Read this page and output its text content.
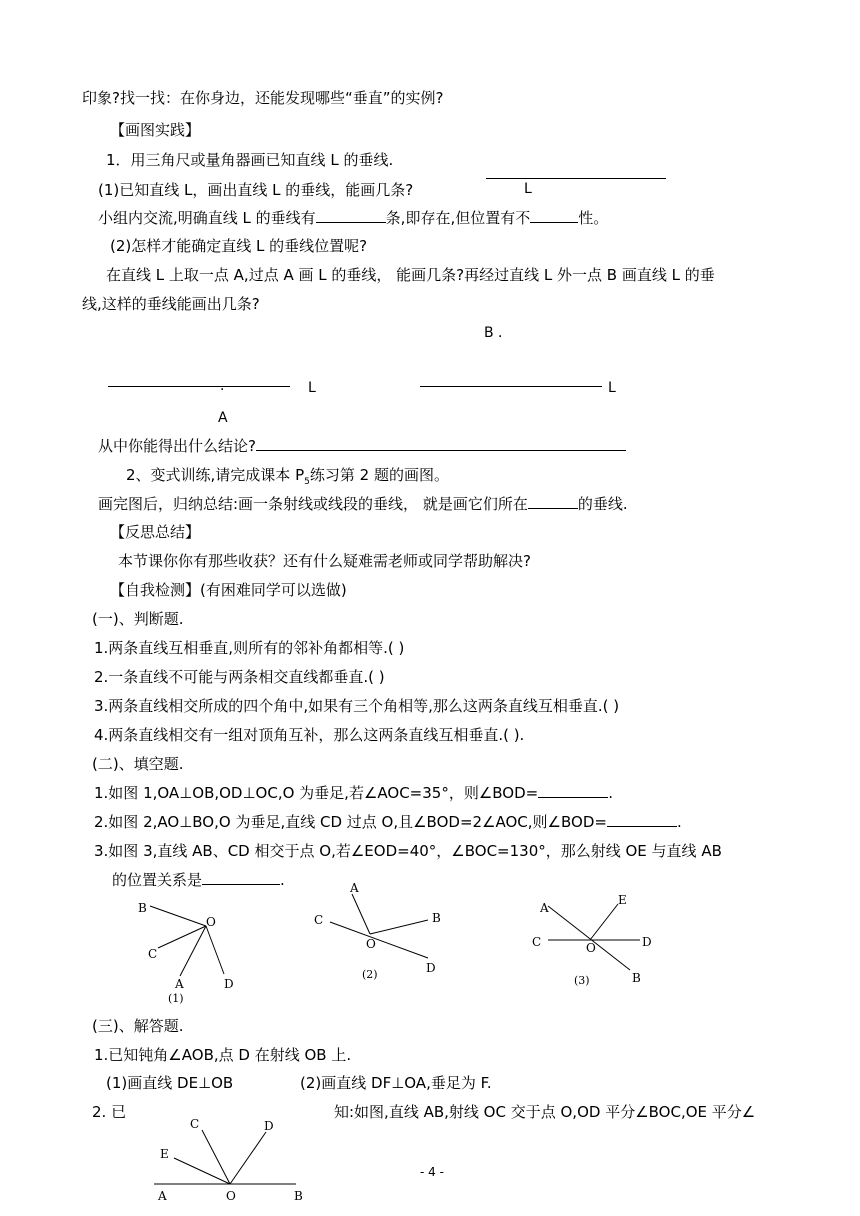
印象?找一找：在你身边，还能发现哪些“垂直”的实例?
【画图实践】
1．用三角尺或量角器画已知直线 L 的垂线.
(1)已知直线 L，画出直线 L 的垂线，能画几条?	L
小组内交流,明确直线 L 的垂线有	条,即存在,但位置有不	性。
(2)怎样才能确定直线 L 的垂线位置呢?
在直线 L 上取一点 A,过点 A 画 L 的垂线， 能画几条?再经过直线 L 外一点 B 画直线 L 的垂
线,这样的垂线能画出几条?
B ．
.	L	L
A
从中你能得出什么结论?
2、变式训练,请完成课本 $P_5$练习第 2 题的画图。
画完图后，归纳总结:画一条射线或线段的垂线， 就是画它们所在	的垂线.
【反思总结】
本节课你你有那些收获？还有什么疑难需老师或同学帮助解决?
【自我检测】(有困难同学可以选做)
(一)、判断题.
1.两条直线互相垂直,则所有的邻补角都相等.( )
2.一条直线不可能与两条相交直线都垂直.( )
3.两条直线相交所成的四个角中,如果有三个角相等,那么这两条直线互相垂直.( )
4.两条直线相交有一组对顶角互补，那么这两条直线互相垂直.( ).
(二)、填空题.
1.如图 1,OA⊥OB,OD⊥OC,O 为垂足,若∠AOC=35°，则∠BOD=	.
2.如图 2,AO⊥BO,O 为垂足,直线 CD 过点 O,且∠BOD=2∠AOC,则∠BOD=	.
3.如图 3,直线 AB、CD 相交于点 O,若∠EOD=40°，∠BOC=130°，那么射线 OE 与直线 AB
的位置关系是	.
B
O
C
A	D
(1)
A
C	B
O
D
(2)
A
E
C	O	D
B
(3)
(三)、解答题.
1.已知钝角∠AOB,点 D 在射线 OB 上.
(1)画直线 DE⊥OB	(2)画直线 DF⊥OA,垂足为 F.
2. 已	知:如图,直线 AB,射线 OC 交于点 O,OD 平分∠BOC,OE 平分∠
C	D
E
A	O	B
- 4 -
